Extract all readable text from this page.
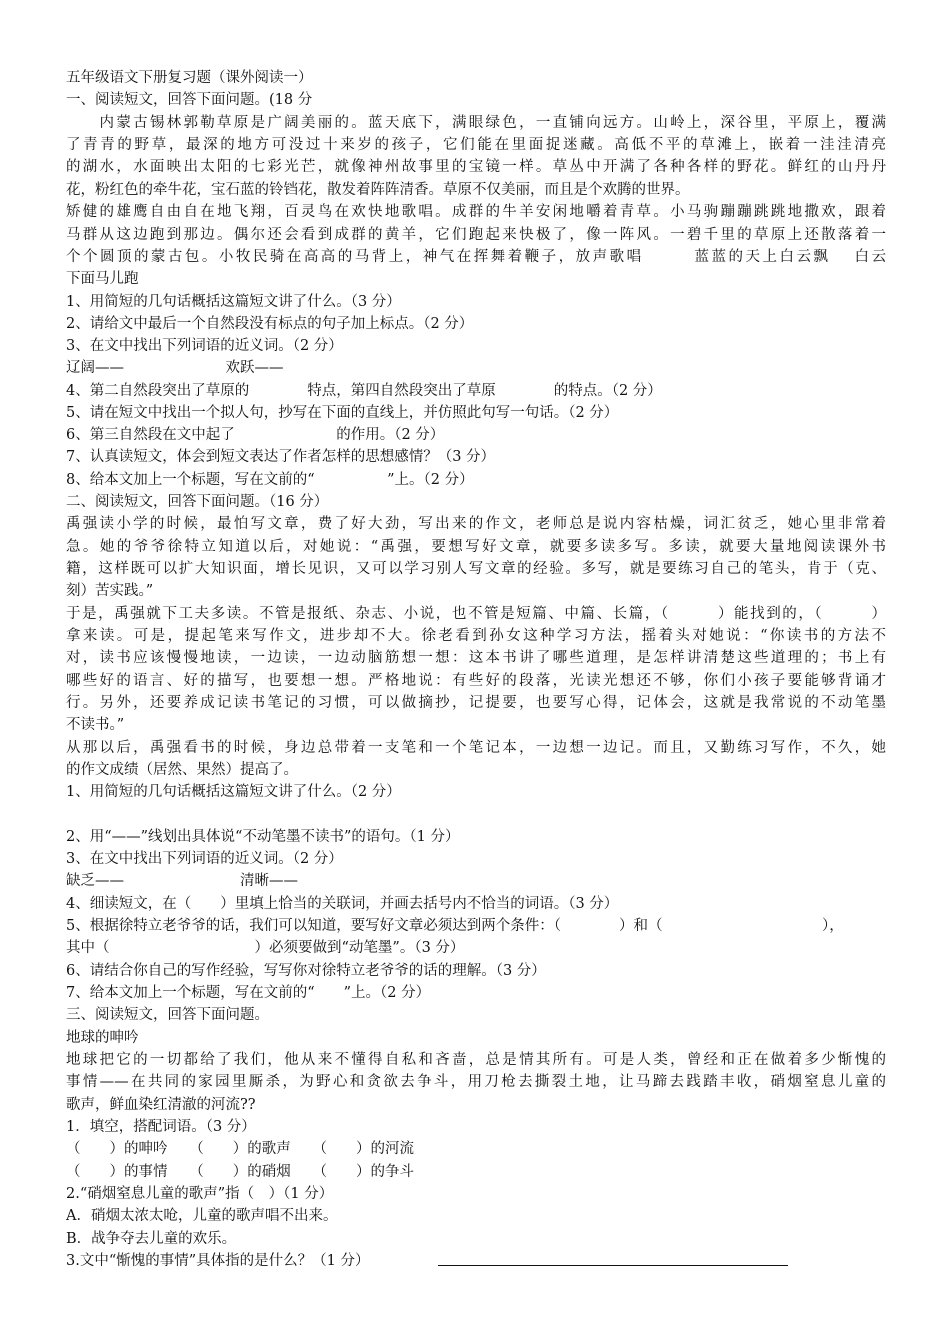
五年级语文下册复习题（课外阅读一）
一、阅读短文，回答下面问题。(18 分
　　内蒙古锡林郭勒草原是广阔美丽的。蓝天底下，满眼绿色，一直铺向远方。山岭上，深谷里，平原上，覆满
了青青的野草，最深的地方可没过十来岁的孩子，它们能在里面捉迷藏。高低不平的草滩上，嵌着一洼洼清亮
的湖水，水面映出太阳的七彩光芒，就像神州故事里的宝镜一样。草丛中开满了各种各样的野花。鲜红的山丹丹
花，粉红色的牵牛花，宝石蓝的铃铛花，散发着阵阵清香。草原不仅美丽，而且是个欢腾的世界。
矫健的雄鹰自由自在地飞翔，百灵鸟在欢快地歌唱。成群的牛羊安闲地嚼着青草。小马驹蹦蹦跳跳地撒欢，跟着
马群从这边跑到那边。偶尔还会看到成群的黄羊，它们跑起来快极了，像一阵风。一碧千里的草原上还散落着一
个个圆顶的蒙古包。小牧民骑在高高的马背上，神气在挥舞着鞭子，放声歌唱　　　蓝蓝的天上白云飘　 白云
下面马儿跑
1、用简短的几句话概括这篇短文讲了什么。（3 分）
2、请给文中最后一个自然段没有标点的句子加上标点。（2 分）
3、在文中找出下列词语的近义词。（2 分）
辽阔——　　　　　　　欢跃——
4、第二自然段突出了草原的　　　　特点，第四自然段突出了草原　　　　的特点。（2 分）
5、请在短文中找出一个拟人句，抄写在下面的直线上，并仿照此句写一句话。（2 分）
6、第三自然段在文中起了　　　　　　　的作用。（2 分）
7、认真读短文，体会到短文表达了作者怎样的思想感情？（3 分）
8、给本文加上一个标题，写在文前的“　　　　　”上。（2 分）
二、阅读短文，回答下面问题。（16 分）
禹强读小学的时候，最怕写文章，费了好大劲，写出来的作文，老师总是说内容枯燥，词汇贫乏，她心里非常着
急。她的爷爷徐特立知道以后，对她说：“禹强，要想写好文章，就要多读多写。多读，就要大量地阅读课外书
籍，这样既可以扩大知识面，增长见识，又可以学习别人写文章的经验。多写，就是要练习自己的笔头，肯于（克、
刻）苦实践。”
于是，禹强就下工夫多读。不管是报纸、杂志、小说，也不管是短篇、中篇、长篇，（　　　）能找到的，（　　　）
拿来读。可是，提起笔来写作文，进步却不大。徐老看到孙女这种学习方法，摇着头对她说：“你读书的方法不
对，读书应该慢慢地读，一边读，一边动脑筋想一想：这本书讲了哪些道理，是怎样讲清楚这些道理的；书上有
哪些好的语言、好的描写，也要想一想。严格地说：有些好的段落，光读光想还不够，你们小孩子要能够背诵才
行。另外，还要养成记读书笔记的习惯，可以做摘抄，记提要，也要写心得，记体会，这就是我常说的不动笔墨
不读书。”
从那以后，禹强看书的时候，身边总带着一支笔和一个笔记本，一边想一边记。而且，又勤练习写作，不久，她
的作文成绩（居然、果然）提高了。
1、用简短的几句话概括这篇短文讲了什么。（2 分）
2、用“——”线划出具体说“不动笔墨不读书”的语句。（1 分）
3、在文中找出下列词语的近义词。（2 分）
缺乏——　　　　　　　　清晰——
4、细读短文，在（　　）里填上恰当的关联词，并画去括号内不恰当的词语。（3 分）
5、根据徐特立老爷爷的话，我们可以知道，要写好文章必须达到两个条件：（　　　　）和（　　　　　　　　　　　），
其中（　　　　　　　　　　）必须要做到“动笔墨”。（3 分）
6、请结合你自己的写作经验，写写你对徐特立老爷爷的话的理解。（3 分）
7、给本文加上一个标题，写在文前的“　　”上。（2 分）
三、阅读短文，回答下面问题。
地球的呻吟
地球把它的一切都给了我们，他从来不懂得自私和吝啬，总是情其所有。可是人类，曾经和正在做着多少惭愧的
事情——在共同的家园里厮杀，为野心和贪欲去争斗，用刀枪去撕裂土地，让马蹄去践踏丰收，硝烟窒息儿童的
歌声，鲜血染红清澈的河流??
1．填空，搭配词语。（3 分）
（　　）的呻吟　　（　　）的歌声　　（　　）的河流
（　　）的事情　　（　　）的硝烟　　（　　）的争斗
2.“硝烟窒息儿童的歌声”指（　）（1 分）
A．硝烟太浓太呛，儿童的歌声唱不出来。
B．战争夺去儿童的欢乐。
3.文中“惭愧的事情”具体指的是什么？（1 分）
